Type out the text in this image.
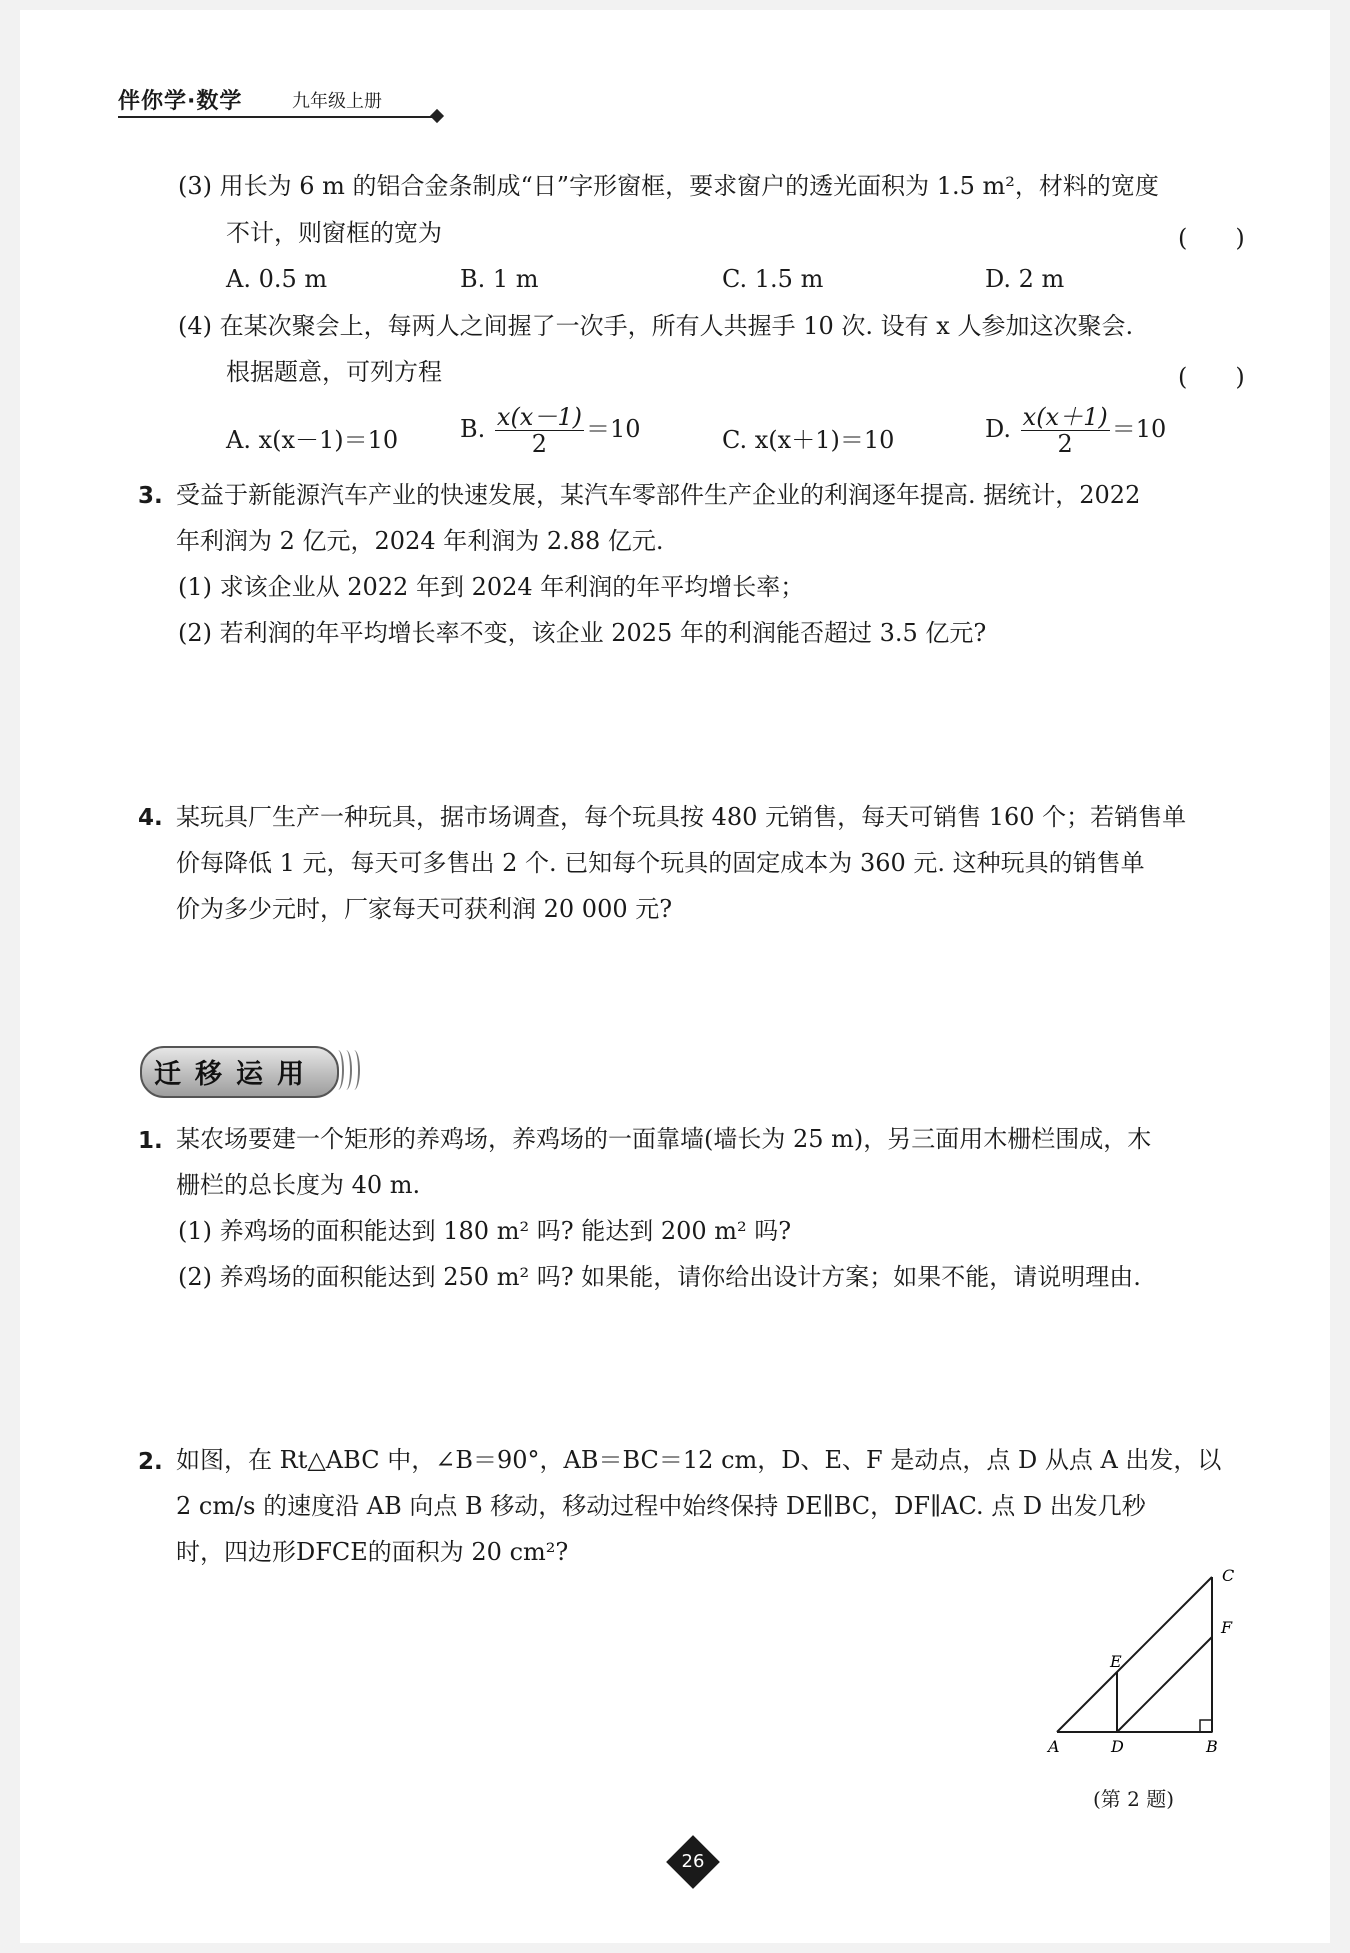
伴你学·数学	九年级上册
(3) 用长为 6 m 的铝合金条制成“日”字形窗框，要求窗户的透光面积为 1.5 m²，材料的宽度
不计，则窗框的宽为	(　　)
A. 0.5 m	B. 1 m	C. 1.5 m	D. 2 m
(4) 在某次聚会上，每两人之间握了一次手，所有人共握手 10 次. 设有 x 人参加这次聚会.
根据题意，可列方程	(　　)
A. x(x－1)＝10	B. $\frac{x(x-1)}{2} =10$	C. x(x＋1)＝10	D. $\frac{x(x+1)}{2} =10$
3. 受益于新能源汽车产业的快速发展，某汽车零部件生产企业的利润逐年提高. 据统计，2022
年利润为 2 亿元，2024 年利润为 2.88 亿元.
(1) 求该企业从 2022 年到 2024 年利润的年平均增长率；
(2) 若利润的年平均增长率不变，该企业 2025 年的利润能否超过 3.5 亿元?
4. 某玩具厂生产一种玩具，据市场调查，每个玩具按 480 元销售，每天可销售 160 个；若销售单
价每降低 1 元，每天可多售出 2 个. 已知每个玩具的固定成本为 360 元. 这种玩具的销售单
价为多少元时，厂家每天可获利润 20 000 元?
迁移运用
1. 某农场要建一个矩形的养鸡场，养鸡场的一面靠墙(墙长为 25 m)，另三面用木栅栏围成，木
栅栏的总长度为 40 m.
(1) 养鸡场的面积能达到 180 m² 吗? 能达到 200 m² 吗?
(2) 养鸡场的面积能达到 250 m² 吗? 如果能，请你给出设计方案；如果不能，请说明理由.
2. 如图，在 Rt△ABC 中，∠B＝90°，AB＝BC＝12 cm，D、E、F 是动点，点 D 从点 A 出发，以
2 cm/s 的速度沿 AB 向点 B 移动，移动过程中始终保持 DE∥BC，DF∥AC. 点 D 出发几秒
时，四边形DFCE的面积为 20 cm²?
A	D	B
C
F
E
(第 2 题)
26
